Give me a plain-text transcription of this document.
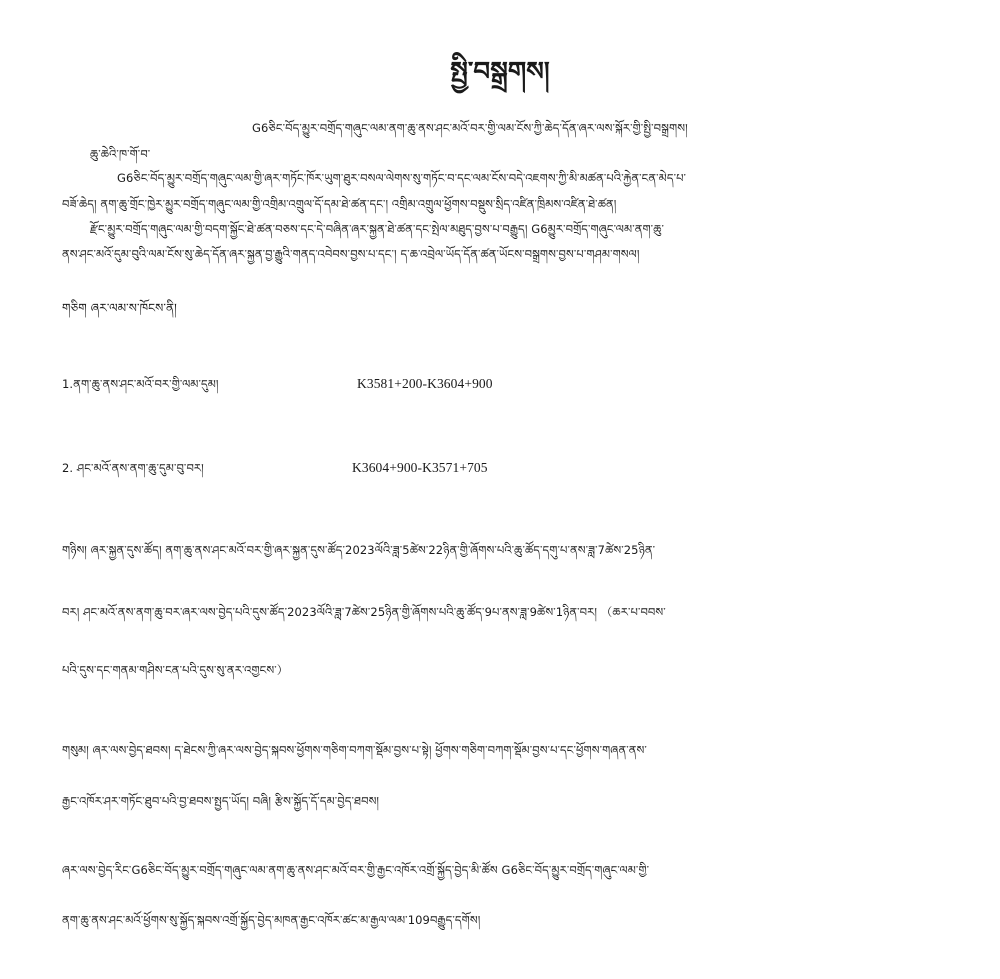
སྤྱི་བསྒྲགས།
G6ཅིང་བོད་མྱུར་བགྲོད་གཞུང་ལམ་ནག་ཆུ་ནས་ཤང་མའོ་བར་གྱི་ལམ་ངོས་ཀྱི་ཆེད་དོན་ཞར་ལས་སྐོར་གྱི་སྤྱི་བསྒྲགས།
ཆུ་ཆེའི་ཁ་གོ་བ་
G6ཅིང་བོད་མྱུར་བགྲོད་གཞུང་ལམ་གྱི་ཞར་གཏོང་ཁོར་ཡུག་ཐུར་བསལ་ལེགས་སུ་གཏོང་བ་དང་ལམ་ངོས་བདེ་འཇགས་ཀྱི་མི་མཚན་པའི་རྐྱེན་ངན་མེད་པ་
བཟོ་ཆེད། ནག་ཆུ་གྲོང་ཁྱེར་མྱུར་བགྲོད་གཞུང་ལམ་གྱི་འགྲིམ་འགྲུལ་དོ་དམ་ཐེ་ཚན་དང་། འགྲིམ་འགྲུལ་ཕྱོགས་བསྡུས་སྲིད་འཛིན་ཁྲིམས་འཛིན་ཐེ་ཚན།
རྫོང་མྱུར་བགྲོད་གཞུང་ལམ་གྱི་བདག་སྐྱོང་ཐེ་ཚན་བཅས་དང་དེ་བཞིན་ཞར་སྐྱན་ཐེ་ཚན་དང་སྤེལ་མཐུད་བྱས་པ་བརྒྱུད། G6མྱུར་བགྲོད་གཞུང་ལམ་ནག་ཆུ་
ནས་ཤང་མའོ་དུམ་བུའི་ལམ་ངོས་སུ་ཆེད་དོན་ཞར་སྐྱན་བྱ་རྒྱུའི་གནད་འབེབས་བྱས་པ་དང་། ད་ཆ་འབྲེལ་ཡོད་དོན་ཚན་ཡོངས་བསྒྲགས་བྱས་པ་གཤམ་གསལ།
གཅིག ཞར་ལམ་ས་ཁོངས་ནི།
1.ནག་ཆུ་ནས་ཤང་མའོ་བར་གྱི་ལམ་དུམ།	K3581+200-K3604+900
2. ཤང་མའོ་ནས་ནག་ཆུ་དུམ་བུ་བར།	K3604+900-K3571+705
གཉིས། ཞར་སྐྱན་དུས་ཚོད། ནག་ཆུ་ནས་ཤང་མའོ་བར་གྱི་ཞར་སྐྱན་དུས་ཚོད་2023ལོའི་ཟླ་5ཚེས་22ཉིན་གྱི་ཞོགས་པའི་ཆུ་ཚོད་དགུ་པ་ནས་ཟླ་7ཚེས་25ཉིན་
བར། ཤང་མའོ་ནས་ནག་ཆུ་བར་ཞར་ལས་བྱེད་པའི་དུས་ཚོད་2023ལོའི་ཟླ་7ཚེས་25ཉིན་གྱི་ཞོགས་པའི་ཆུ་ཚོད་9པ་ནས་ཟླ་9ཚེས་1ཉིན་བར། （ཆར་པ་བབས་
པའི་དུས་དང་གནམ་གཤིས་ངན་པའི་དུས་སུ་ནར་འགྱངས་）
གསུམ། ཞར་ལས་བྱེད་ཐབས། ད་ཐེངས་ཀྱི་ཞར་ལས་བྱེད་སྐབས་ཕྱོགས་གཅིག་བཀག་སྡོམ་བྱས་པ་སྟེ། ཕྱོགས་གཅིག་བཀག་སྡོམ་བྱས་པ་དང་ཕྱོགས་གཞན་ནས་
རྒྱང་འཁོར་ཤར་གཏོང་ཐུབ་པའི་བྱ་ཐབས་སྤྱད་ཡོད། བཞི། རྩིས་སྐྱོད་དོ་དམ་བྱེད་ཐབས།
ཞར་ལས་བྱེད་རིང་G6ཅིང་བོད་མྱུར་བགྲོད་གཞུང་ལམ་ནག་ཆུ་ནས་ཤང་མའོ་བར་གྱི་རྒྱང་འཁོར་འགྲོ་སྐྱོད་བྱེད་མི་ཚོས G6ཅིང་བོད་མྱུར་བགྲོད་གཞུང་ལམ་གྱི་
ནག་ཆུ་ནས་ཤང་མའོ་ཕྱོགས་སུ་སྐྱོད་སྐབས་འགྲོ་སྐྱོད་བྱེད་མཁན་རྒྱང་འཁོར་ཚང་མ་རྒྱལ་ལམ་109བརྒྱུད་དགོས།
